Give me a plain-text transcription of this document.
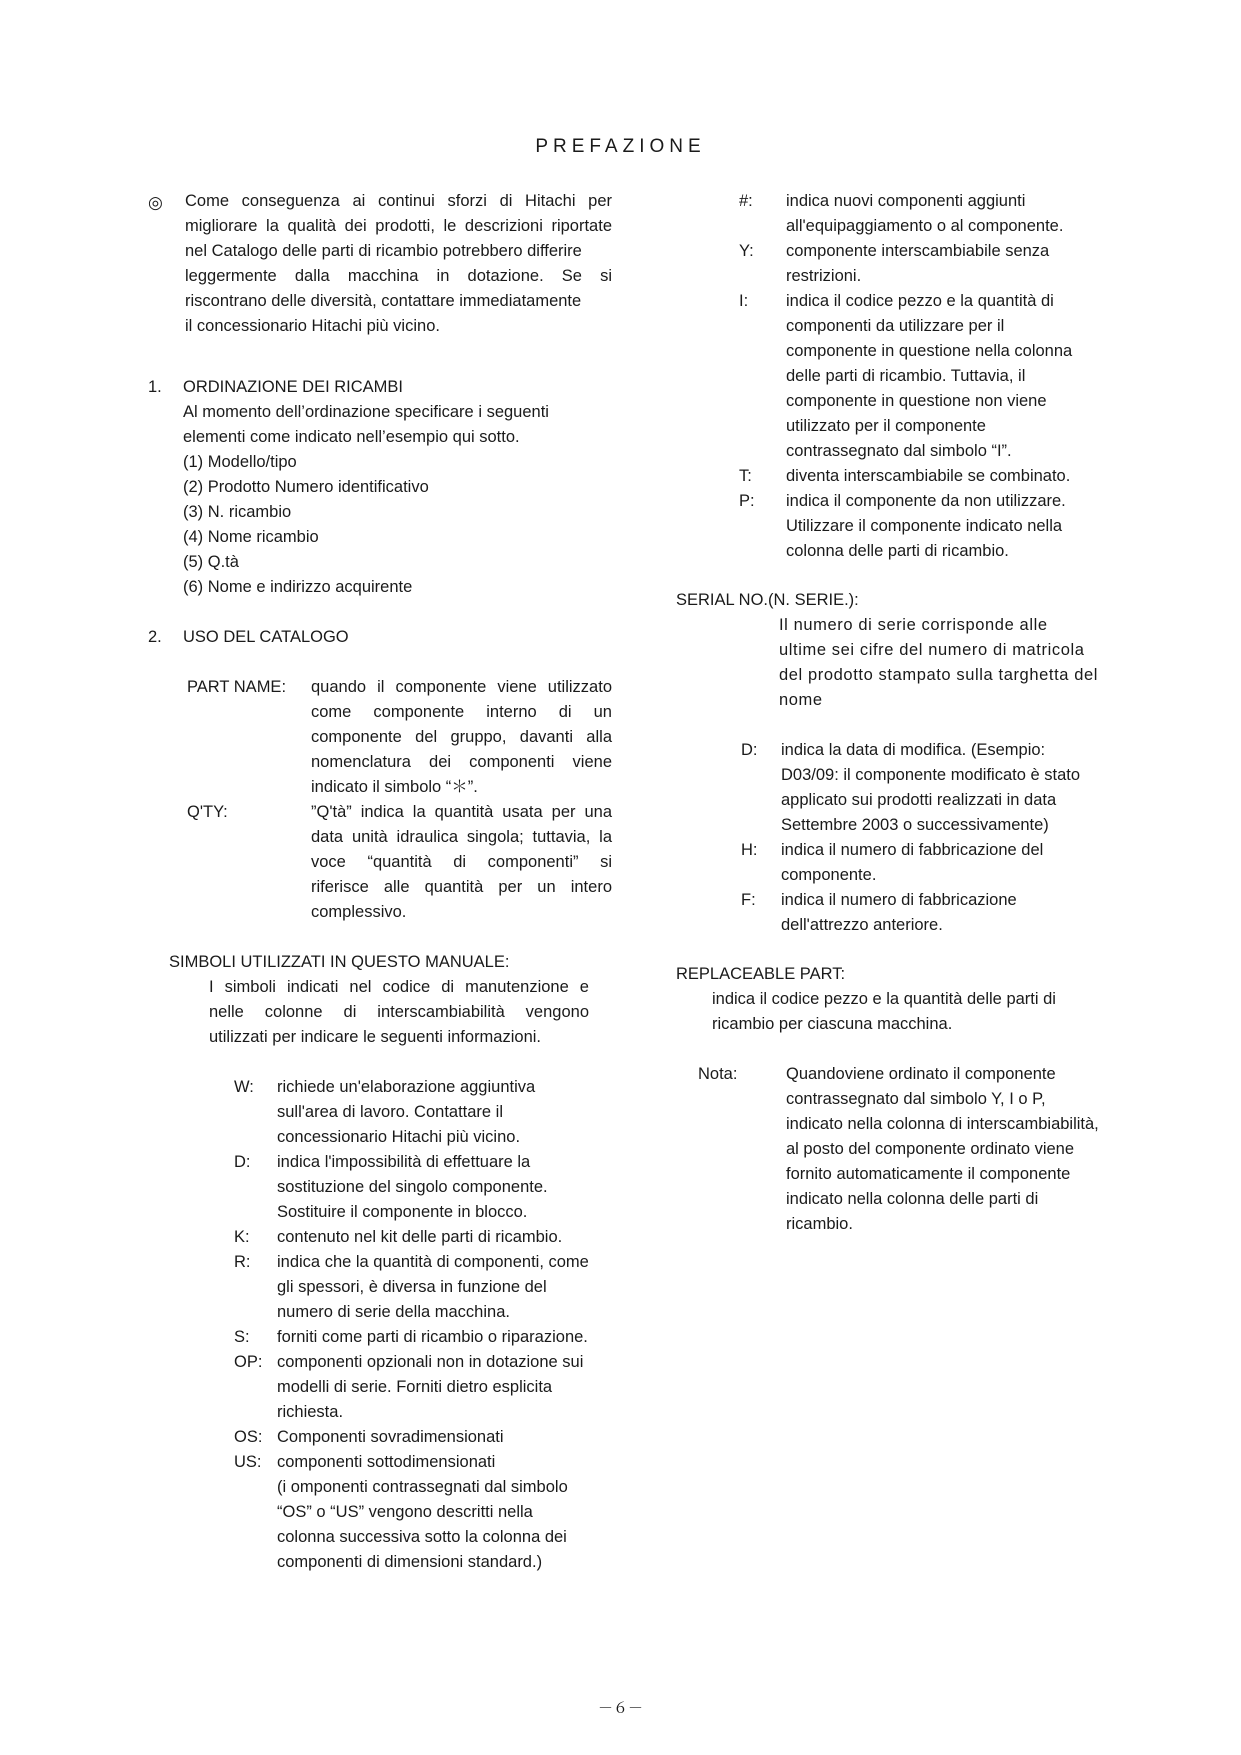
PREFAZIONE
◎ Come conseguenza ai continui sforzi di Hitachi per
migliorare la qualità dei prodotti, le descrizioni riportate
nel Catalogo delle parti di ricambio potrebbero differire
leggermente dalla macchina in dotazione. Se si
riscontrano delle diversità, contattare immediatamente
il concessionario Hitachi più vicino.
1. ORDINAZIONE DEI RICAMBI
Al momento dell’ordinazione specificare i seguenti
elementi come indicato nell’esempio qui sotto.
(1) Modello/tipo
(2) Prodotto Numero identificativo
(3) N. ricambio
(4) Nome ricambio
(5) Q.tà
(6) Nome e indirizzo acquirente
2. USO DEL CATALOGO
PART NAME: quando il componente viene utilizzato
come componente interno di un
componente del gruppo, davanti alla
nomenclatura dei componenti viene
indicato il simbolo “＊”.
Q'TY:	”Q'tà” indica la quantità usata per una
data unità idraulica singola; tuttavia, la
voce “quantità di componenti” si
riferisce alle quantità per un intero
complessivo.
SIMBOLI UTILIZZATI IN QUESTO MANUALE:
I simboli indicati nel codice di manutenzione e
nelle colonne di interscambiabilità vengono
utilizzati per indicare le seguenti informazioni.
W:
D:
K:
R:
S:
OP:
OS:
US:
richiede un'elaborazione aggiuntiva
sull'area di lavoro. Contattare il
concessionario Hitachi più vicino.
indica l'impossibilità di effettuare la
sostituzione del singolo componente.
Sostituire il componente in blocco.
contenuto nel kit delle parti di ricambio.
indica che la quantità di componenti, come
gli spessori, è diversa in funzione del
numero di serie della macchina.
forniti come parti di ricambio o riparazione.
componenti opzionali non in dotazione sui
modelli di serie. Forniti dietro esplicita
richiesta.
Componenti sovradimensionati
componenti sottodimensionati
(i omponenti contrassegnati dal simbolo
“OS” o “US” vengono descritti nella
colonna successiva sotto la colonna dei
componenti di dimensioni standard.)
#:
Y:
I:
T:
P:
indica nuovi componenti aggiunti
all'equipaggiamento o al componente.
componente interscambiabile senza
restrizioni.
indica il codice pezzo e la quantità di
componenti da utilizzare per il
componente in questione nella colonna
delle parti di ricambio. Tuttavia, il
componente in questione non viene
utilizzato per il componente
contrassegnato dal simbolo “I”.
diventa interscambiabile se combinato.
indica il componente da non utilizzare.
Utilizzare il componente indicato nella
colonna delle parti di ricambio.
SERIAL NO.(N. SERIE.):
Il numero di serie corrisponde alle
ultime sei cifre del numero di matricola
del prodotto stampato sulla targhetta del
nome
D:
H:
F:
indica la data di modifica. (Esempio:
D03/09: il componente modificato è stato
applicato sui prodotti realizzati in data
Settembre 2003 o successivamente)
indica il numero di fabbricazione del
componente.
indica il numero di fabbricazione
dell'attrezzo anteriore.
REPLACEABLE PART:
indica il codice pezzo e la quantità delle parti di
ricambio per ciascuna macchina.
Nota:	Quandoviene ordinato il componente
contrassegnato dal simbolo Y, I o P,
indicato nella colonna di interscambiabilità,
al posto del componente ordinato viene
fornito automaticamente il componente
indicato nella colonna delle parti di
ricambio.
－６－
